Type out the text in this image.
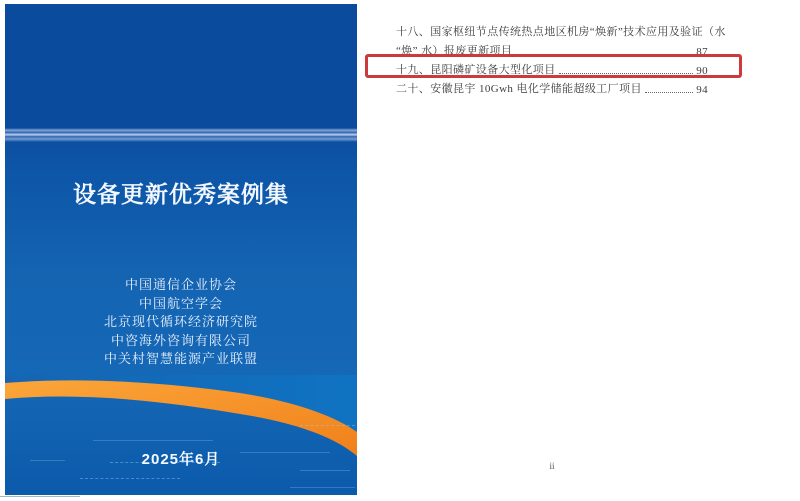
设备更新优秀案例集
中国通信企业协会
中国航空学会
北京现代循环经济研究院
中咨海外咨询有限公司
中关村智慧能源产业联盟
2025年6月
十八、国家枢纽节点传统热点地区机房“焕新”技术应用及验证（水
“焕” 水）报废更新项目	87
十九、昆阳磷矿设备大型化项目	90
二十、安徽昆宇 10Gwh 电化学储能超级工厂项目	94
ii
